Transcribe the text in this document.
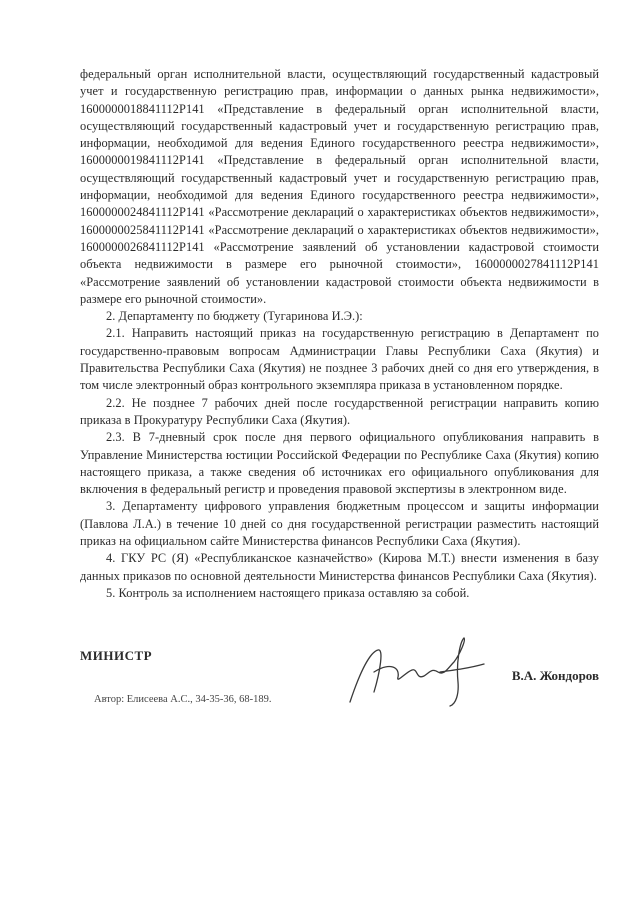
федеральный орган исполнительной власти, осуществляющий государственный кадастровый учет и государственную регистрацию прав, информации о данных рынка недвижимости», 1600000018841112Р141 «Представление в федеральный орган исполнительной власти, осуществляющий государственный кадастровый учет и государственную регистрацию прав, информации, необходимой для ведения Единого государственного реестра недвижимости», 1600000019841112Р141 «Представление в федеральный орган исполнительной власти, осуществляющий государственный кадастровый учет и государственную регистрацию прав, информации, необходимой для ведения Единого государственного реестра недвижимости», 1600000024841112Р141 «Рассмотрение деклараций о характеристиках объектов недвижимости», 1600000025841112Р141 «Рассмотрение деклараций о характеристиках объектов недвижимости», 1600000026841112Р141 «Рассмотрение заявлений об установлении кадастровой стоимости объекта недвижимости в размере его рыночной стоимости», 1600000027841112Р141 «Рассмотрение заявлений об установлении кадастровой стоимости объекта недвижимости в размере его рыночной стоимости».

2. Департаменту по бюджету (Тугаринова И.Э.):

2.1. Направить настоящий приказ на государственную регистрацию в Департамент по государственно-правовым вопросам Администрации Главы Республики Саха (Якутия) и Правительства Республики Саха (Якутия) не позднее 3 рабочих дней со дня его утверждения, в том числе электронный образ контрольного экземпляра приказа в установленном порядке.

2.2. Не позднее 7 рабочих дней после государственной регистрации направить копию приказа в Прокуратуру Республики Саха (Якутия).

2.3. В 7-дневный срок после дня первого официального опубликования направить в Управление Министерства юстиции Российской Федерации по Республике Саха (Якутия) копию настоящего приказа, а также сведения об источниках его официального опубликования для включения в федеральный регистр и проведения правовой экспертизы в электронном виде.

3. Департаменту цифрового управления бюджетным процессом и защиты информации (Павлова Л.А.) в течение 10 дней со дня государственной регистрации разместить настоящий приказ на официальном сайте Министерства финансов Республики Саха (Якутия).

4. ГКУ РС (Я) «Республиканское казначейство» (Кирова М.Т.) внести изменения в базу данных приказов по основной деятельности Министерства финансов Республики Саха (Якутия).

5. Контроль за исполнением настоящего приказа оставляю за собой.

МИНИСТР
В.А. Жондоров
Автор: Елисеева А.С., 34-35-36, 68-189.
